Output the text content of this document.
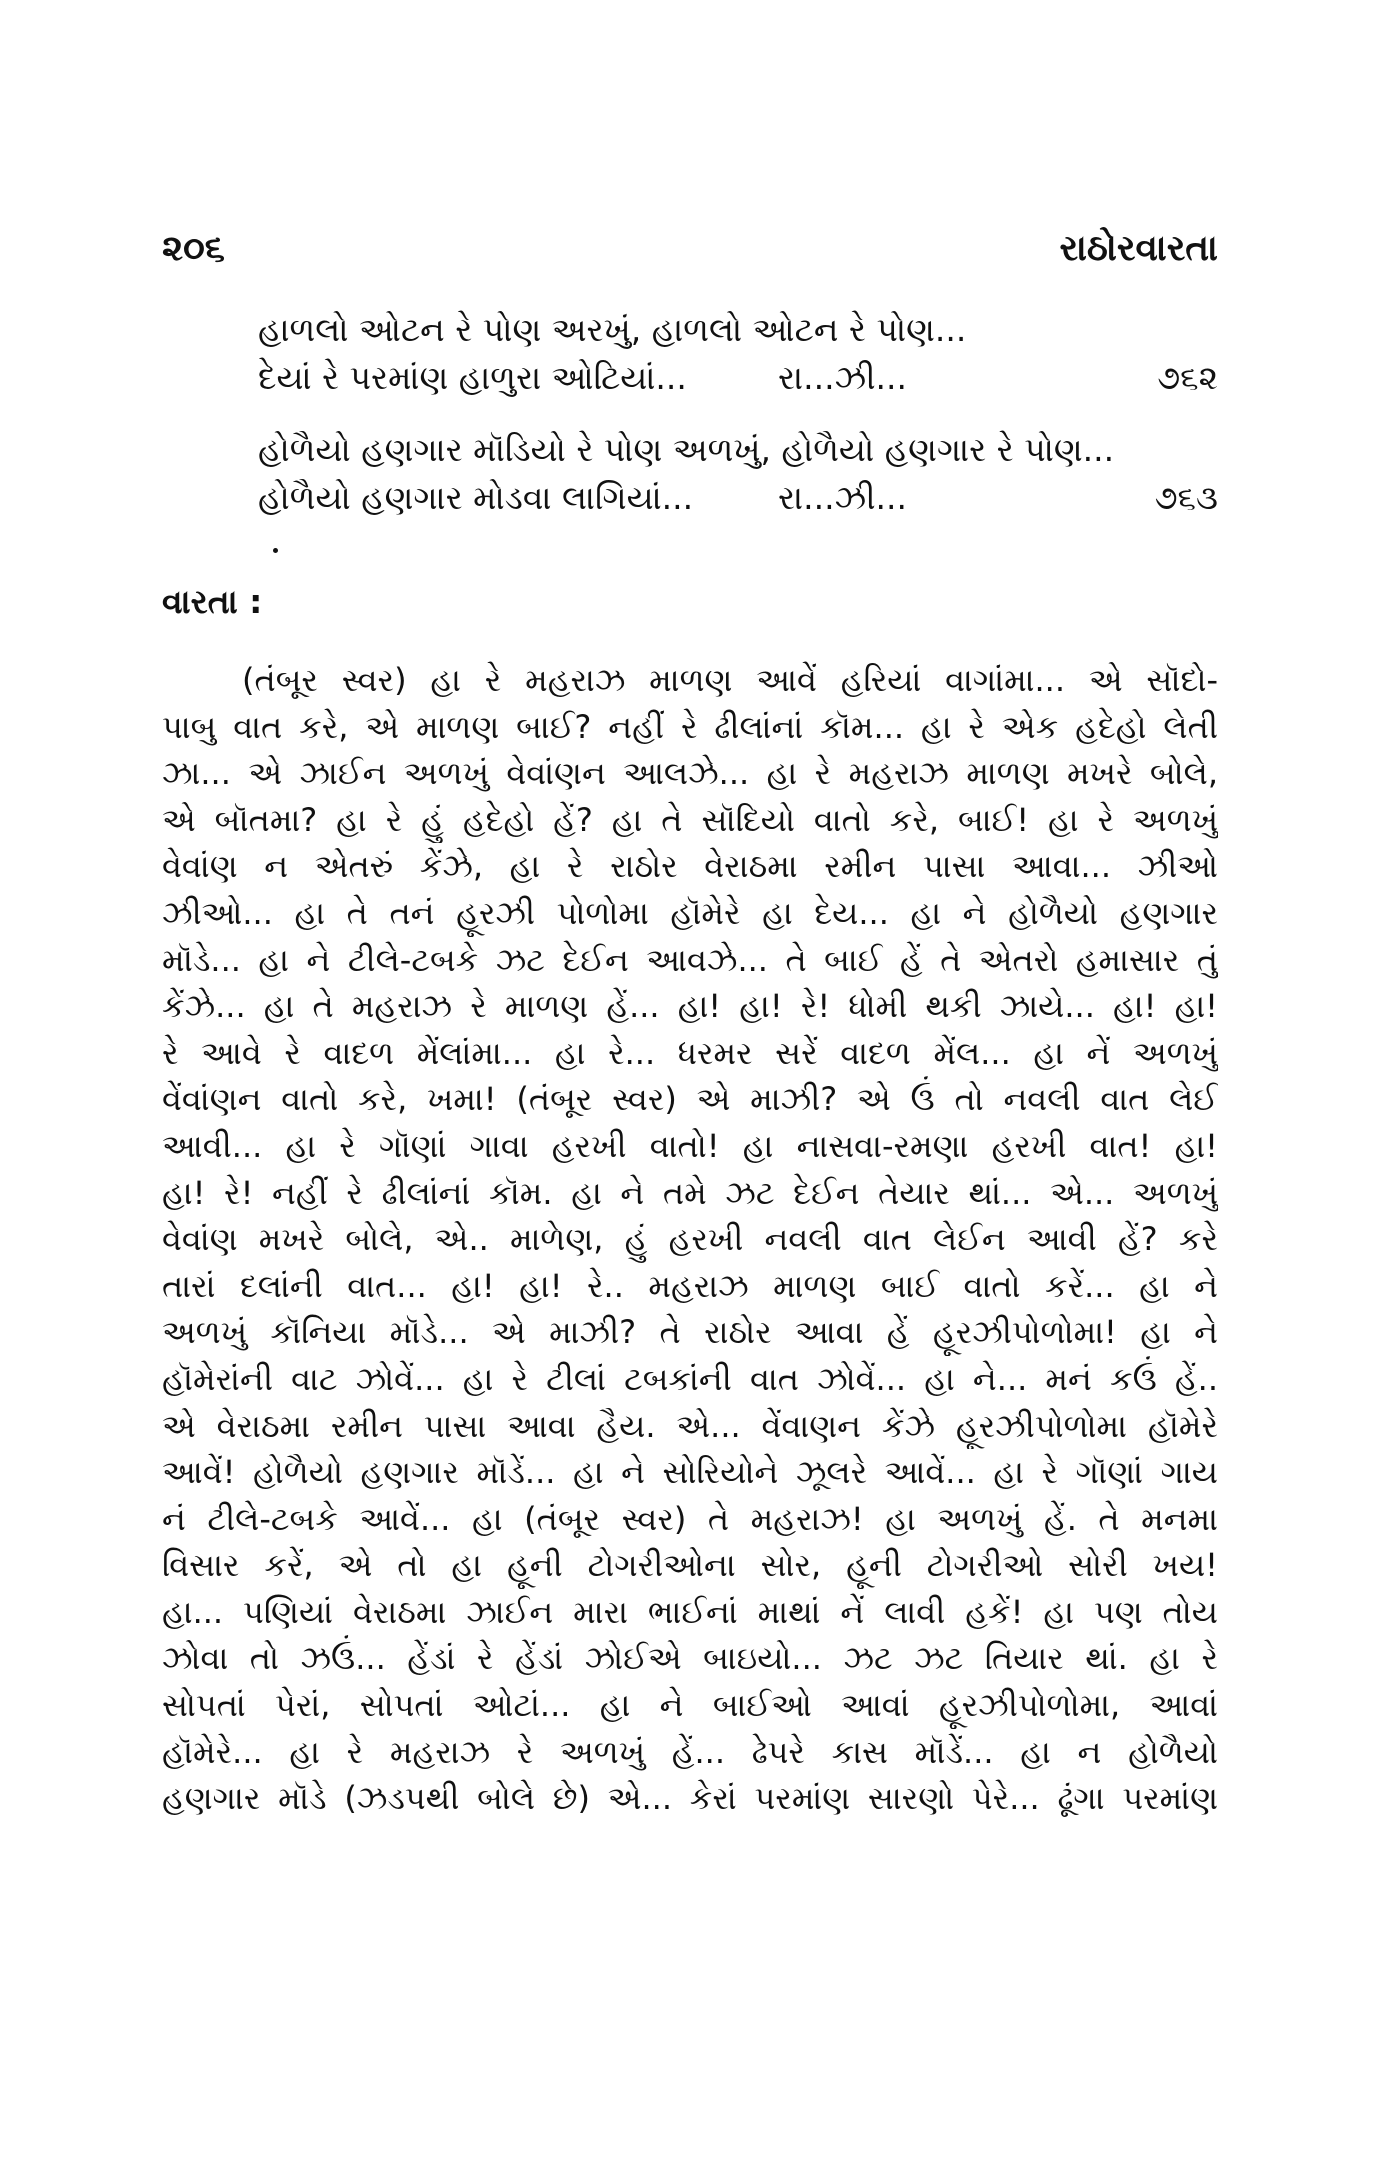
૨૦૬	રાઠોરવારતા
હાળલો ઓટન રે પોણ અરખું, હાળલો ઓટન રે પોણ...
દેયાં રે પરમાંણ હાળુરા ઓટિયાં...	રા...ઝી...	૭૬૨
હોળૈયો હણગાર મૉડિયો રે પોણ અળખું, હોળૈયો હણગાર રે પોણ...
હોળૈયો હણગાર મોડવા લાગિયાં...	રા...ઝી...	૭૬૩
વારતા :
(તંબૂર સ્વર) હા રે મહરાઝ માળણ આવેં હરિયાં વાગાંમા... એ સૉદો-
પાબુ વાત કરે, એ માળણ બાઈ? નહીં રે ઢીલાંનાં કૉમ... હા રે એક હદેહો લેતી
ઝા... એ ઝાઈન અળખું વેવાંણન આલઝે... હા રે મહરાઝ માળણ મખરે બોલે,
એ બૉતમા? હા રે હું હદેહો હેં? હા તે સૉદિયો વાતો કરે, બાઈ! હા રે અળખું
વેવાંણ ન એતરું કેંઝે, હા રે રાઠોર વેરાઠમા રમીન પાસા આવા... ઝીઓ
ઝીઓ... હા તે તનં હૂરઝી પોળોમા હૉમેરે હા દેય... હા ને હોળૈયો હણગાર
મૉડે... હા ને ટીલે-ટબકે ઝટ દેઈન આવઝે... તે બાઈ હેં તે એતરો હમાસાર તું
કેંઝે... હા તે મહરાઝ રે માળણ હેં... હા! હા! રે! ધોમી થકી ઝાયે... હા! હા!
રે આવે રે વાદળ મેંલાંમા... હા રે... ધરમર સરેં વાદળ મેંલ... હા નેં અળખું
વેંવાંણન વાતો કરે, ખમા! (તંબૂર સ્વર) એ માઝી? એ ઉં તો નવલી વાત લેઈ
આવી... હા રે ગૉણાં ગાવા હરખી વાતો! હા નાસવા-રમણા હરખી વાત! હા!
હા! રે! નહીં રે ઢીલાંનાં કૉમ. હા ને તમે ઝટ દેઈન તેયાર થાં... એ... અળખું
વેવાંણ મખરે બોલે, એ.. માળેણ, હું હરખી નવલી વાત લેઈન આવી હેં? કરે
તારાં દલાંની વાત... હા! હા! રે.. મહરાઝ માળણ બાઈ વાતો કરેં... હા ને
અળખું કૉનિયા મૉડે... એ માઝી? તે રાઠોર આવા હેં હૂરઝીપોળોમા! હા ને
હૉમેરાંની વાટ ઝોવેં... હા રે ટીલાં ટબકાંની વાત ઝોવેં... હા ને... મનં કઉં હેં..
એ વેરાઠમા રમીન પાસા આવા હૈય. એ... વેંવાણન કેંઝે હૂરઝીપોળોમા હૉમેરે
આવેં! હોળૈયો હણગાર મૉડેં... હા ને સોરિયોને ઝૂલરે આવેં... હા રે ગૉણાં ગાય
નં ટીલે-ટબકે આવેં... હા (તંબૂર સ્વર) તે મહરાઝ! હા અળખું હેં. તે મનમા
વિસાર કરેં, એ તો હા હૂની ટોગરીઓના સોર, હૂની ટોગરીઓ સોરી ખય!
હા... પણિયાં વેરાઠમા ઝાઈન મારા ભાઈનાં માથાં નેં લાવી હકેં! હા પણ તોય
ઝોવા તો ઝઉં... હેંડાં રે હેંડાં ઝોઈએ બાઇયો... ઝટ ઝટ તિયાર થાં. હા રે
સોપતાં પેરાં, સોપતાં ઓટાં... હા ને બાઈઓ આવાં હૂરઝીપોળોમા, આવાં
હૉમેરે... હા રે મહરાઝ રે અળખું હેં... ઢેપરે કાસ મૉડેં... હા ન હોળૈયો
હણગાર મૉડે (ઝડપથી બોલે છે) એ... કેરાં પરમાંણ સારણો પેરે... ઢૂંગા પરમાંણ
